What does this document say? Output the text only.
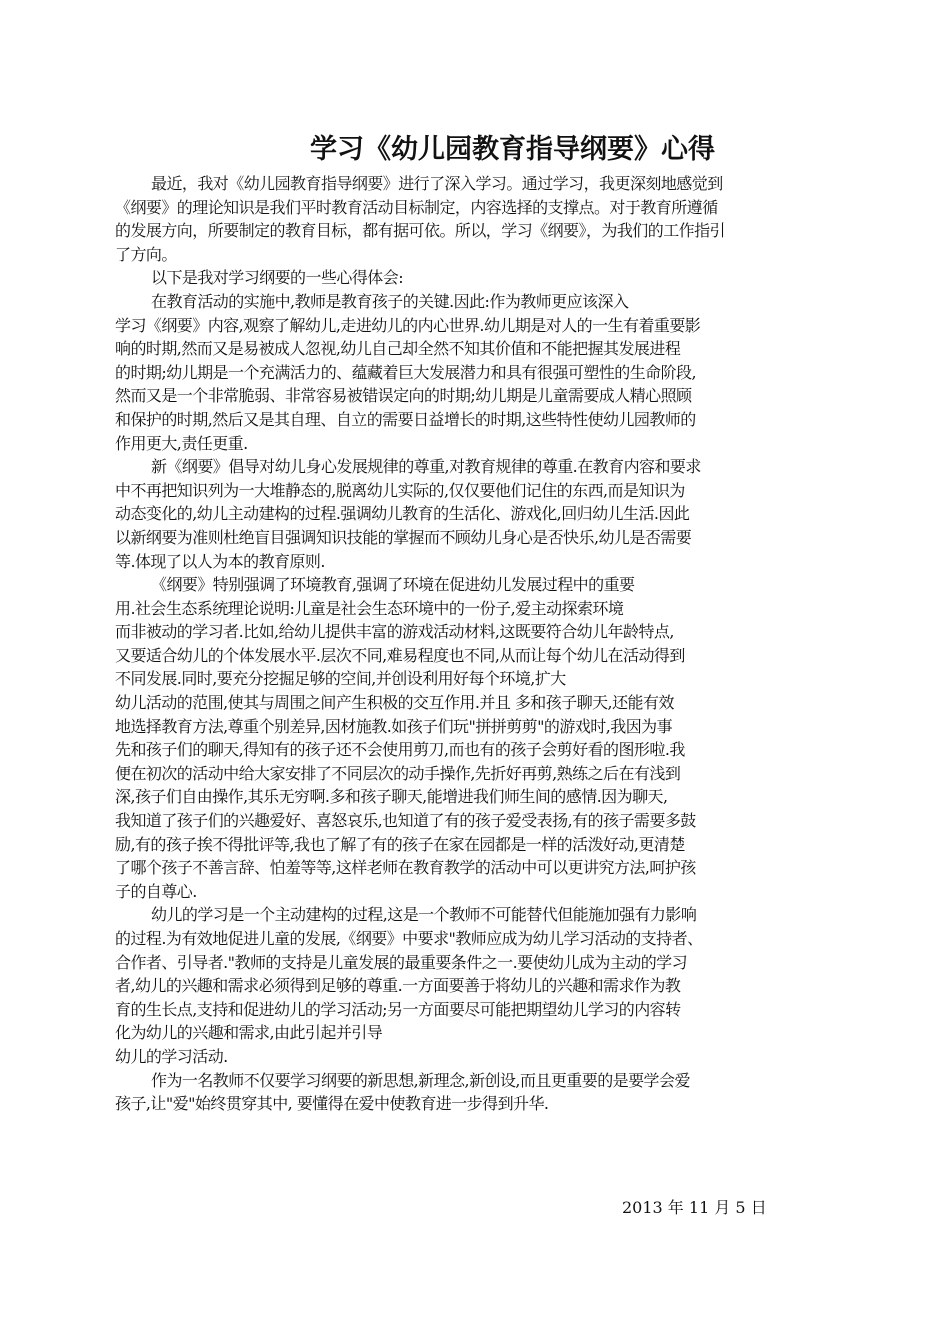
学习《幼儿园教育指导纲要》心得

最近，我对《幼儿园教育指导纲要》进行了深入学习。通过学习，我更深刻地感觉到
《纲要》的理论知识是我们平时教育活动目标制定，内容选择的支撑点。对于教育所遵循
的发展方向，所要制定的教育目标，都有据可依。所以，学习《纲要》，为我们的工作指引
了方向。

以下是我对学习纲要的一些心得体会:

在教育活动的实施中,教师是教育孩子的关键.因此:作为教师更应该深入
学习《纲要》内容,观察了解幼儿,走进幼儿的内心世界.幼儿期是对人的一生有着重要影
响的时期,然而又是易被成人忽视,幼儿自己却全然不知其价值和不能把握其发展进程
的时期;幼儿期是一个充满活力的、蕴藏着巨大发展潜力和具有很强可塑性的生命阶段,
然而又是一个非常脆弱、非常容易被错误定向的时期;幼儿期是儿童需要成人精心照顾
和保护的时期,然后又是其自理、自立的需要日益增长的时期,这些特性使幼儿园教师的
作用更大,责任更重.

新《纲要》倡导对幼儿身心发展规律的尊重,对教育规律的尊重.在教育内容和要求
中不再把知识列为一大堆静态的,脱离幼儿实际的,仅仅要他们记住的东西,而是知识为
动态变化的,幼儿主动建构的过程.强调幼儿教育的生活化、游戏化,回归幼儿生活.因此
以新纲要为准则杜绝盲目强调知识技能的掌握而不顾幼儿身心是否快乐,幼儿是否需要
等.体现了以人为本的教育原则.

《纲要》特别强调了环境教育,强调了环境在促进幼儿发展过程中的重要
用.社会生态系统理论说明:儿童是社会生态环境中的一份子,爱主动探索环境
而非被动的学习者.比如,给幼儿提供丰富的游戏活动材料,这既要符合幼儿年龄特点,
又要适合幼儿的个体发展水平.层次不同,难易程度也不同,从而让每个幼儿在活动得到
不同发展.同时,要充分挖掘足够的空间,并创设利用好每个环境,扩大
幼儿活动的范围,使其与周围之间产生积极的交互作用.并且 多和孩子聊天,还能有效
地选择教育方法,尊重个别差异,因材施教.如孩子们玩"拼拼剪剪"的游戏时,我因为事
先和孩子们的聊天,得知有的孩子还不会使用剪刀,而也有的孩子会剪好看的图形啦.我
便在初次的活动中给大家安排了不同层次的动手操作,先折好再剪,熟练之后在有浅到
深,孩子们自由操作,其乐无穷啊.多和孩子聊天,能增进我们师生间的感情.因为聊天,
我知道了孩子们的兴趣爱好、喜怒哀乐,也知道了有的孩子爱受表扬,有的孩子需要多鼓
励,有的孩子挨不得批评等,我也了解了有的孩子在家在园都是一样的活泼好动,更清楚
了哪个孩子不善言辞、怕羞等等,这样老师在教育教学的活动中可以更讲究方法,呵护孩
子的自尊心.

幼儿的学习是一个主动建构的过程,这是一个教师不可能替代但能施加强有力影响
的过程.为有效地促进儿童的发展,《纲要》中要求"教师应成为幼儿学习活动的支持者、
合作者、引导者."教师的支持是儿童发展的最重要条件之一.要使幼儿成为主动的学习
者,幼儿的兴趣和需求必须得到足够的尊重.一方面要善于将幼儿的兴趣和需求作为教
育的生长点,支持和促进幼儿的学习活动;另一方面要尽可能把期望幼儿学习的内容转
化为幼儿的兴趣和需求,由此引起并引导
幼儿的学习活动.

作为一名教师不仅要学习纲要的新思想,新理念,新创设,而且更重要的是要学会爱
孩子,让"爱"始终贯穿其中, 要懂得在爱中使教育进一步得到升华.

2013 年 11 月 5 日
